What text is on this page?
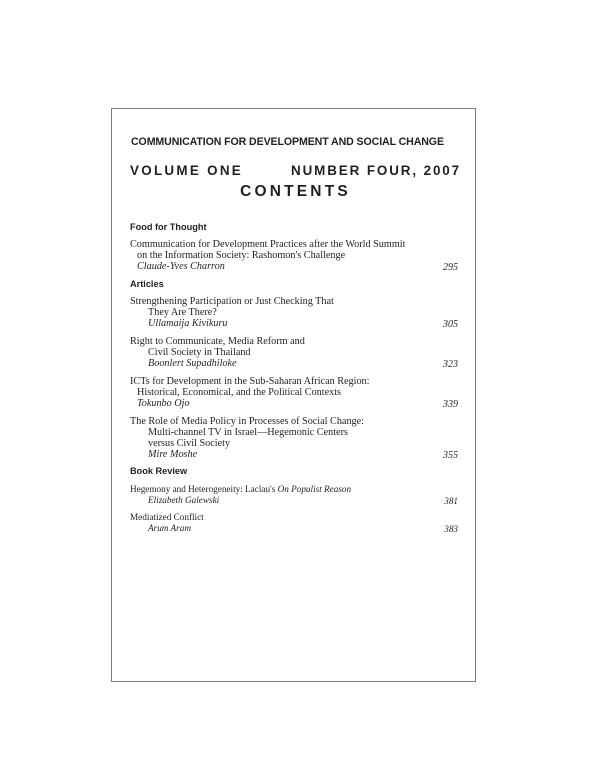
COMMUNICATION FOR DEVELOPMENT AND SOCIAL CHANGE
VOLUME ONE	NUMBER FOUR, 2007
CONTENTS
Food for Thought
Communication for Development Practices after the World Summit
on the Information Society: Rashomon's Challenge
Claude-Yves Charron	295
Articles
Strengthening Participation or Just Checking That
They Are There?
Ullamaija Kivikuru	305
Right to Communicate, Media Reform and
Civil Society in Thailand
Boonlert Supadhiloke	323
ICTs for Development in the Sub-Saharan African Region:
Historical, Economical, and the Political Contexts
Tokunbo Ojo	339
The Role of Media Policy in Processes of Social Change:
Multi-channel TV in Israel—Hegemonic Centers
versus Civil Society
Mire Moshe	355
Book Review
Hegemony and Heterogeneity: Laclau's On Populist Reason
Elizabeth Galewski	381
Mediatized Conflict
Arum Aram	383
